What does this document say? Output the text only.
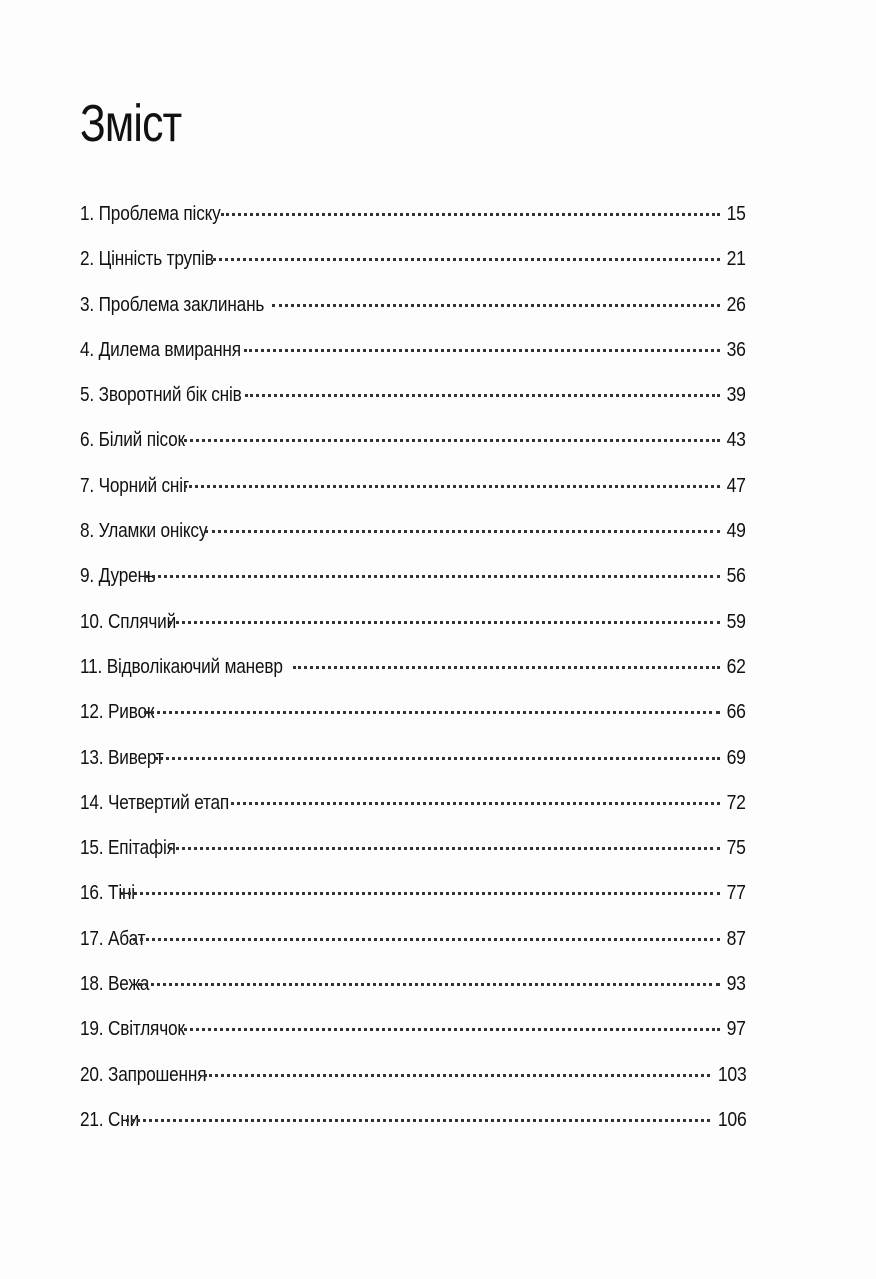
Зміст
1. Проблема піску	15
2. Цінність трупів	21
3. Проблема заклинань	26
4. Дилема вмирання	36
5. Зворотний бік снів	39
6. Білий пісок	43
7. Чорний сніг	47
8. Уламки оніксу	49
9. Дурень	56
10. Сплячий	59
11. Відволікаючий маневр	62
12. Ривок	66
13. Виверт	69
14. Четвертий етап	72
15. Епітафія	75
16. Тіні	77
17. Абат	87
18. Вежа	93
19. Світлячок	97
20. Запрошення	103
21. Сни	106
